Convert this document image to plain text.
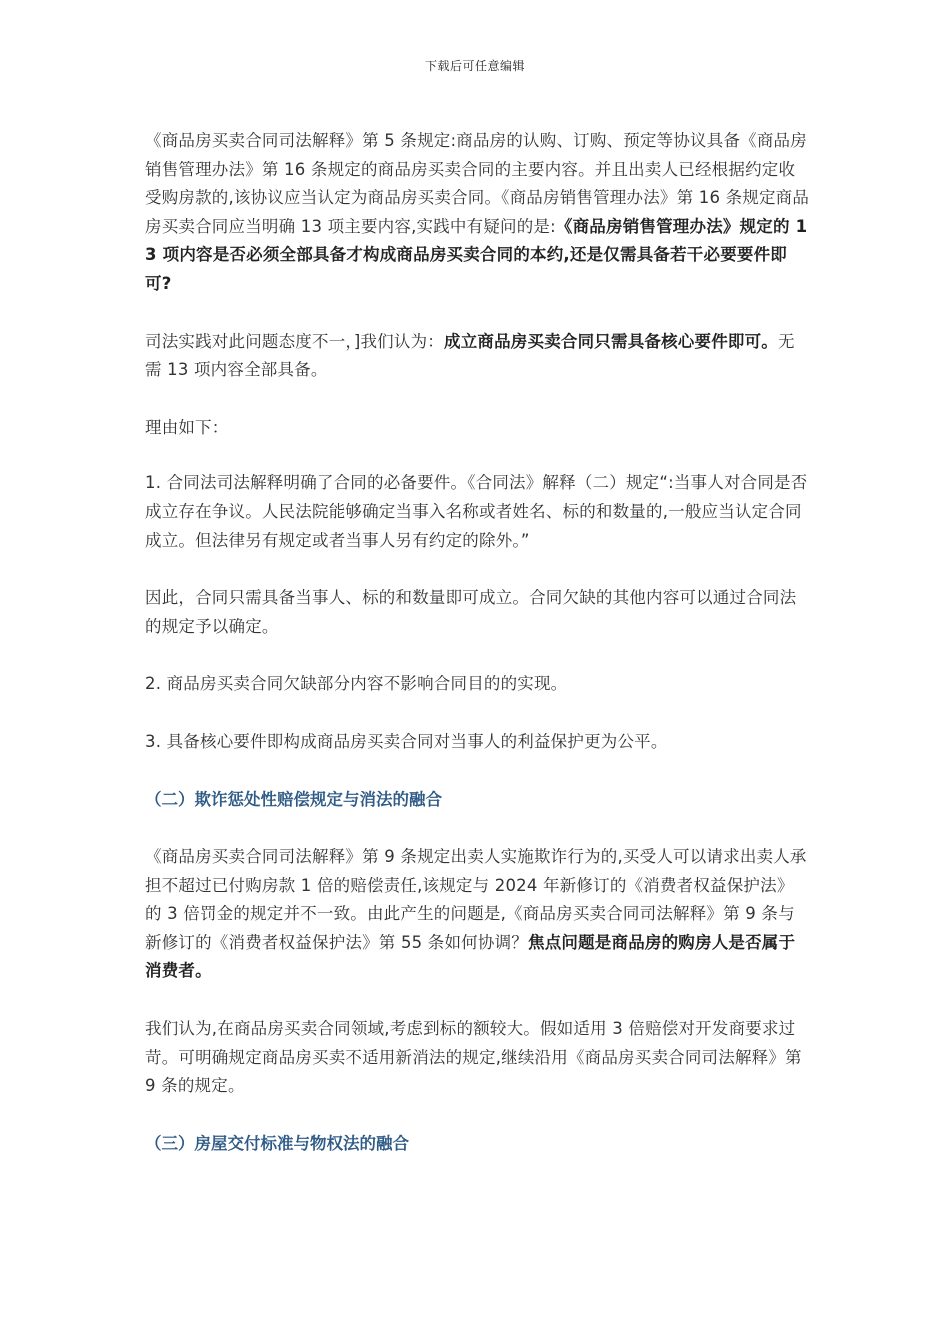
下载后可任意编辑

《商品房买卖合同司法解释》第 5 条规定:商品房的认购、订购、预定等协议具备《商品房销售管理办法》第 16 条规定的商品房买卖合同的主要内容。并且出卖人已经根据约定收受购房款的,该协议应当认定为商品房买卖合同。《商品房销售管理办法》第 16 条规定商品房买卖合同应当明确 13 项主要内容,实践中有疑问的是:《商品房销售管理办法》规定的 13 项内容是否必须全部具备才构成商品房买卖合同的本约,还是仅需具备若干必要要件即可?

司法实践对此问题态度不一，]我们认为：成立商品房买卖合同只需具备核心要件即可。无需 13 项内容全部具备。

理由如下：

1. 合同法司法解释明确了合同的必备要件。《合同法》解释（二）规定“:当事人对合同是否成立存在争议。人民法院能够确定当事入名称或者姓名、标的和数量的,一般应当认定合同成立。但法律另有规定或者当事人另有约定的除外。”

因此，合同只需具备当事人、标的和数量即可成立。合同欠缺的其他内容可以通过合同法的规定予以确定。

2. 商品房买卖合同欠缺部分内容不影响合同目的的实现。

3. 具备核心要件即构成商品房买卖合同对当事人的利益保护更为公平。

（二）欺诈惩处性赔偿规定与消法的融合

《商品房买卖合同司法解释》第 9 条规定出卖人实施欺诈行为的,买受人可以请求出卖人承担不超过已付购房款 1 倍的赔偿责任,该规定与 2024 年新修订的《消费者权益保护法》的 3 倍罚金的规定并不一致。由此产生的问题是,《商品房买卖合同司法解释》第 9 条与新修订的《消费者权益保护法》第 55 条如何协调？焦点问题是商品房的购房人是否属于消费者。

我们认为,在商品房买卖合同领域,考虑到标的额较大。假如适用 3 倍赔偿对开发商要求过苛。可明确规定商品房买卖不适用新消法的规定,继续沿用《商品房买卖合同司法解释》第 9 条的规定。

（三）房屋交付标准与物权法的融合
